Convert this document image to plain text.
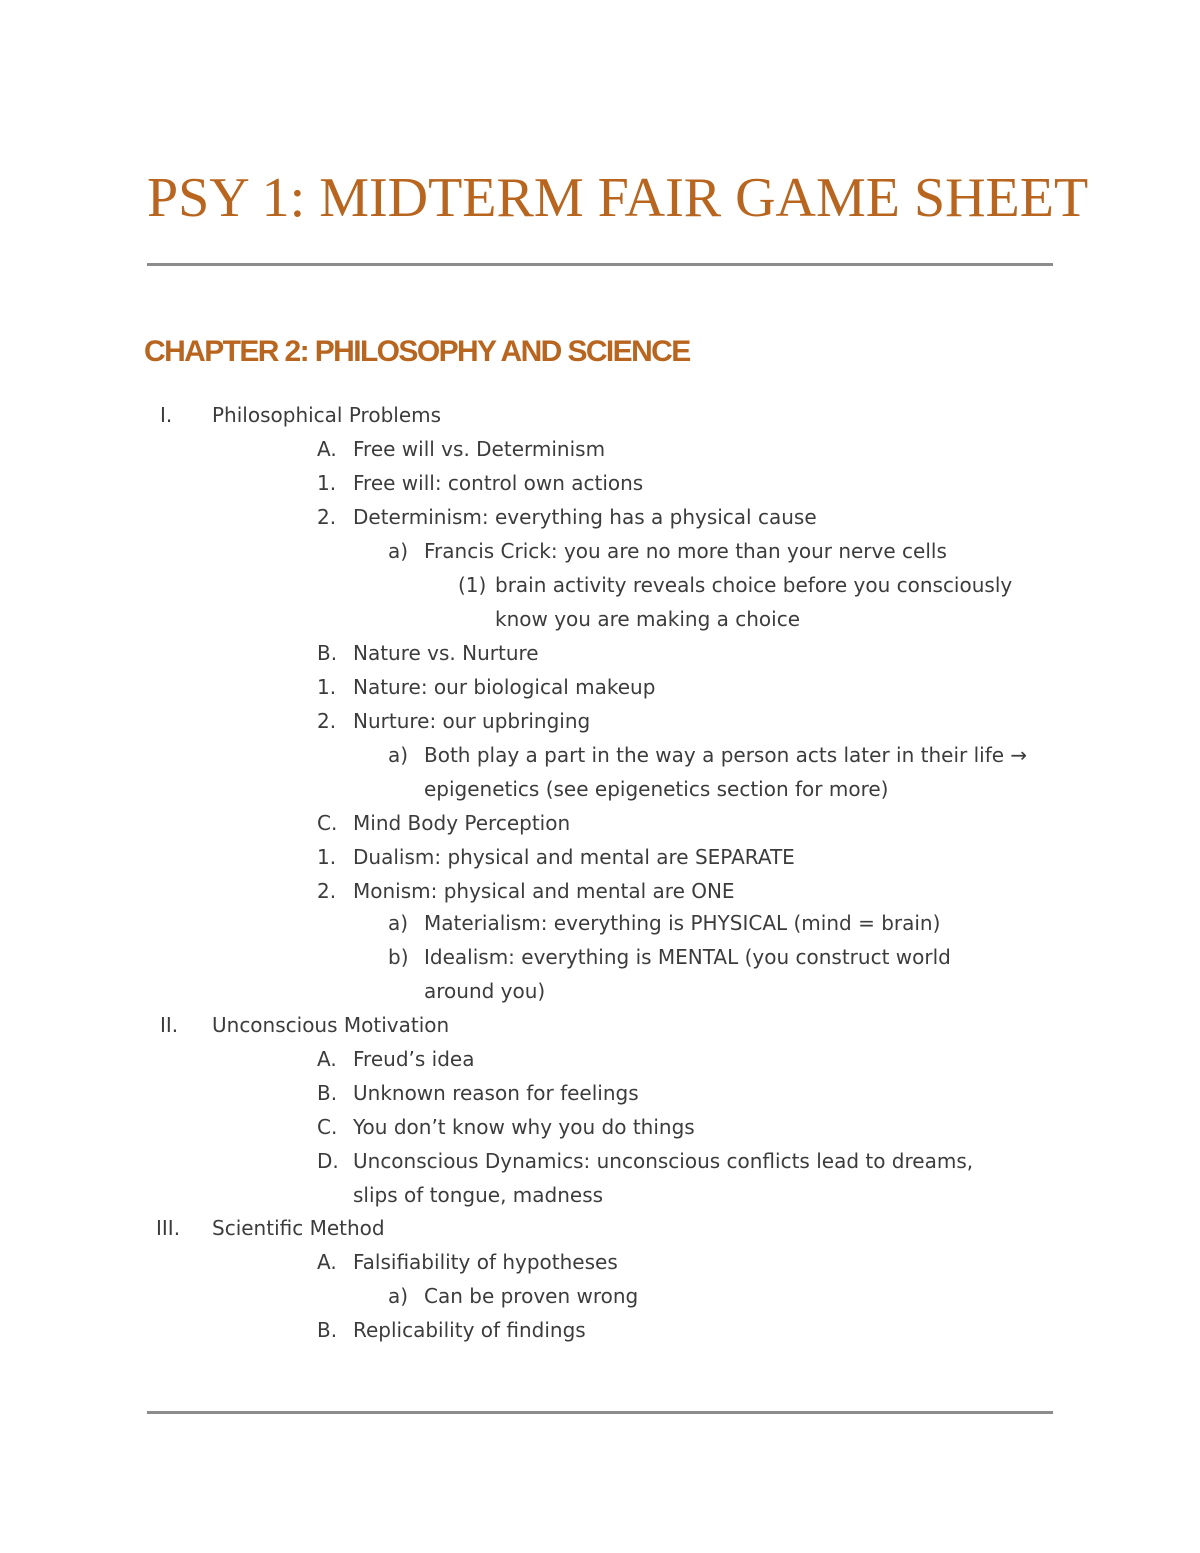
PSY 1: MIDTERM FAIR GAME SHEET
CHAPTER 2: PHILOSOPHY AND SCIENCE
I. Philosophical Problems
A. Free will vs. Determinism
1. Free will: control own actions
2. Determinism: everything has a physical cause
a) Francis Crick: you are no more than your nerve cells
(1) brain activity reveals choice before you consciously
know you are making a choice
B. Nature vs. Nurture
1. Nature: our biological makeup
2. Nurture: our upbringing
a) Both play a part in the way a person acts later in their life →
epigenetics (see epigenetics section for more)
C. Mind Body Perception
1. Dualism: physical and mental are SEPARATE
2. Monism: physical and mental are ONE
a) Materialism: everything is PHYSICAL (mind = brain)
b) Idealism: everything is MENTAL (you construct world
around you)
II. Unconscious Motivation
A. Freud’s idea
B. Unknown reason for feelings
C. You don’t know why you do things
D. Unconscious Dynamics: unconscious conflicts lead to dreams,
slips of tongue, madness
III. Scientific Method
A. Falsifiability of hypotheses
a) Can be proven wrong
B. Replicability of findings
